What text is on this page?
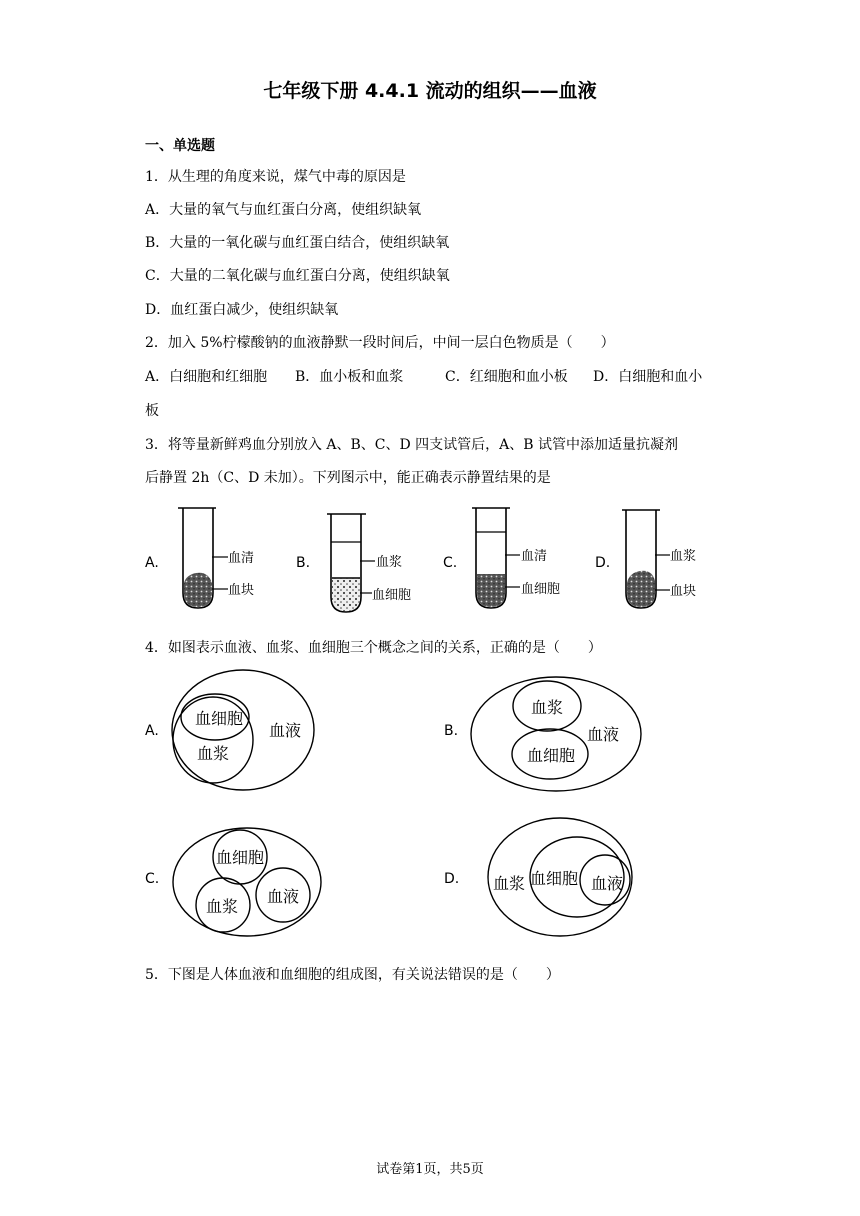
七年级下册 4.4.1 流动的组织——血液
一、单选题
1．从生理的角度来说，煤气中毒的原因是
A．大量的氧气与血红蛋白分离，使组织缺氧
B．大量的一氧化碳与血红蛋白结合，使组织缺氧
C．大量的二氧化碳与血红蛋白分离，使组织缺氧
D．血红蛋白减少，使组织缺氧
2．加入 5%柠檬酸钠的血液静默一段时间后，中间一层白色物质是（　　）
A．白细胞和红细胞 B．血小板和血浆	C．红细胞和血小板 D．白细胞和血小
板
3．将等量新鲜鸡血分别放入 A、B、C、D 四支试管后，A、B 试管中添加适量抗凝剂
后静置 2h（C、D 未加）。下列图示中，能正确表示静置结果的是
A.	血清
血块
B.	血浆
血细胞
C.	血清
血细胞
D.	血浆
血块
4．如图表示血液、血浆、血细胞三个概念之间的关系，正确的是（　　）
A.
血细胞
血浆
血液	B.
血浆
血细胞
血液
C.
血细胞
血浆
血液
D. 血浆 血细胞 血液
5．下图是人体血液和血细胞的组成图，有关说法错误的是（　　）
试卷第1页，共5页
